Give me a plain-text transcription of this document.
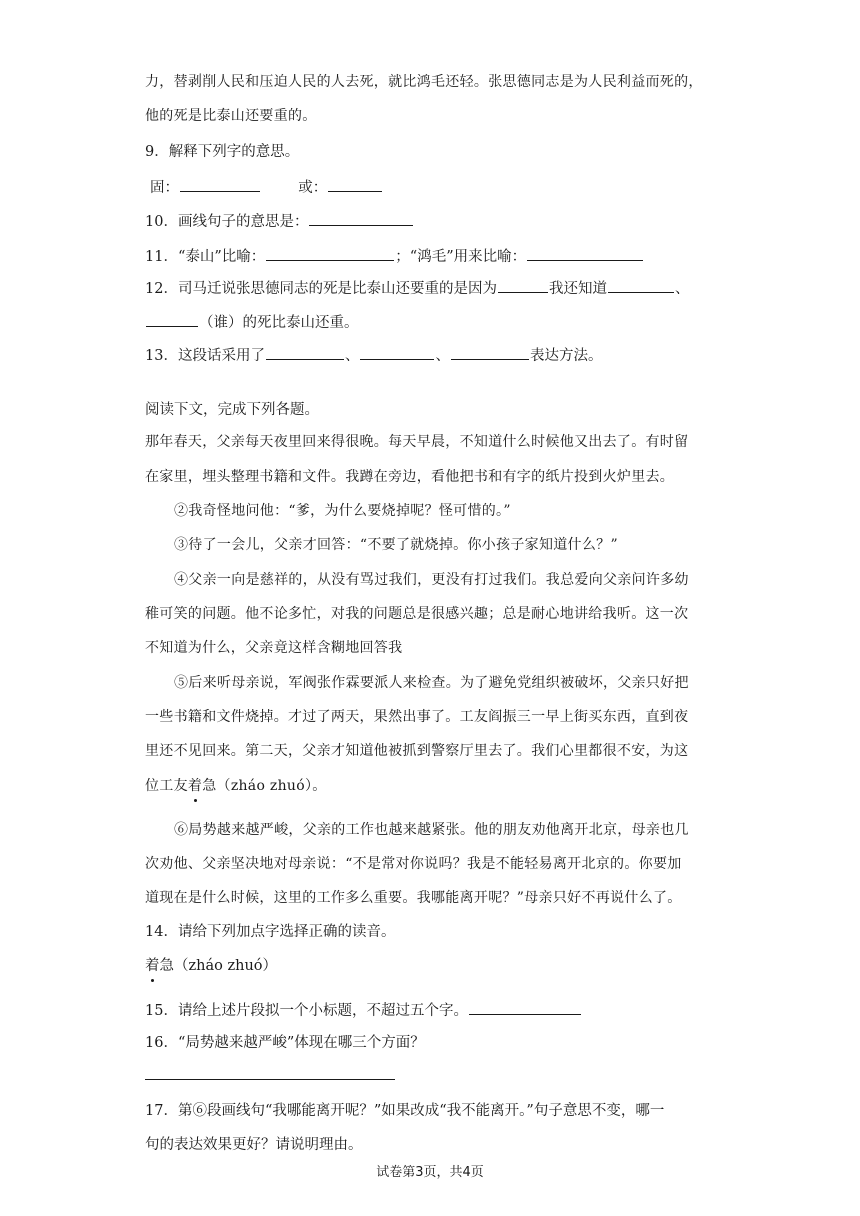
力，替剥削人民和压迫人民的人去死，就比鸿毛还轻。张思德同志是为人民利益而死的，
他的死是比泰山还要重的。
9．解释下列字的意思。
固：	或：
10．画线句子的意思是：
11．“泰山”比喻：	；“鸿毛”用来比喻：
12．司马迁说张思德同志的死是比泰山还要重的是因为	我还知道	、
（谁）的死比泰山还重。
13．这段话采用了	、	、	表达方法。
阅读下文，完成下列各题。
那年春天，父亲每天夜里回来得很晚。每天早晨，不知道什么时候他又出去了。有时留
在家里，埋头整理书籍和文件。我蹲在旁边，看他把书和有字的纸片投到火炉里去。
②我奇怪地问他：“爹，为什么要烧掉呢？怪可惜的。”
③待了一会儿，父亲才回答：“不要了就烧掉。你小孩子家知道什么？”
④父亲一向是慈祥的，从没有骂过我们，更没有打过我们。我总爱向父亲问许多幼
稚可笑的问题。他不论多忙，对我的问题总是很感兴趣；总是耐心地讲给我听。这一次
不知道为什么，父亲竟这样含糊地回答我
⑤后来听母亲说，军阀张作霖要派人来检查。为了避免党组织被破坏，父亲只好把
一些书籍和文件烧掉。才过了两天，果然出事了。工友阎振三一早上街买东西，直到夜
里还不见回来。第二天，父亲才知道他被抓到警察厅里去了。我们心里都很不安，为这
位工友着急（zháo zhuó）。
⑥局势越来越严峻，父亲的工作也越来越紧张。他的朋友劝他离开北京，母亲也几
次劝他、父亲坚决地对母亲说：“不是常对你说吗？我是不能轻易离开北京的。你要加
道现在是什么时候，这里的工作多么重要。我哪能离开呢？”母亲只好不再说什么了。
14．请给下列加点字选择正确的读音。
着急（zháo zhuó）
15．请给上述片段拟一个小标题，不超过五个字。
16．“局势越来越严峻”体现在哪三个方面？
17．第⑥段画线句“我哪能离开呢？”如果改成“我不能离开。”句子意思不变，哪一
句的表达效果更好？请说明理由。
试卷第3页，共4页
